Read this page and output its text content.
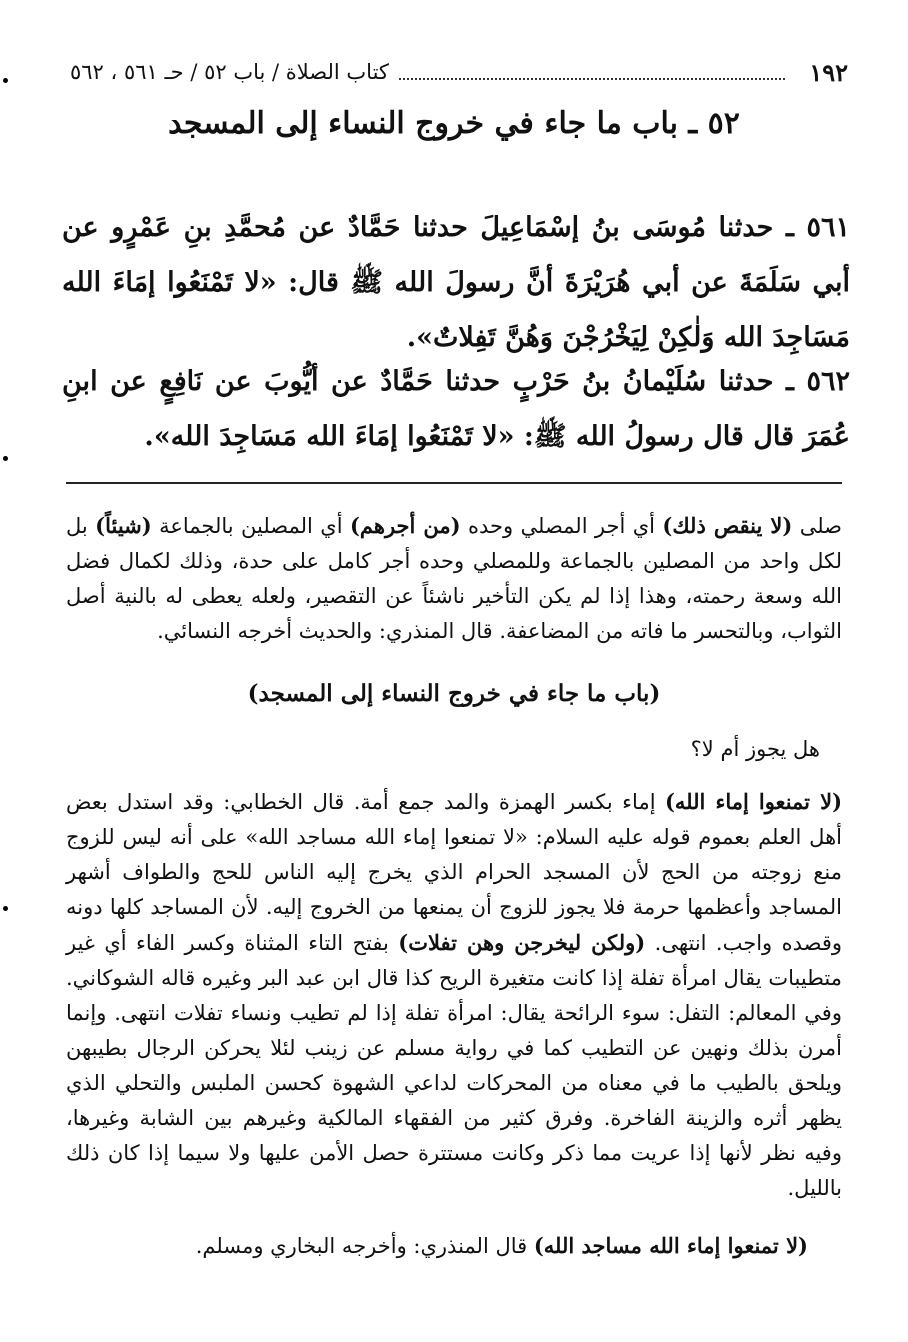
١٩٢
كتاب الصلاة / باب ٥٢ / حـ ٥٦١ ، ٥٦٢
٥٢ ـ باب ما جاء في خروج النساء إلى المسجد
٥٦١ ـ حدثنا مُوسَى بنُ إسْمَاعِيلَ حدثنا حَمَّادٌ عن مُحمَّدِ بنِ عَمْرٍو عن أبي سَلَمَةَ عن أبي هُرَيْرَةَ أنَّ رسولَ الله ﷺ قال: «لا تَمْنَعُوا إمَاءَ الله مَسَاجِدَ الله وَلٰكِنْ لِيَخْرُجْنَ وَهُنَّ تَفِلاتٌ».
٥٦٢ ـ حدثنا سُلَيْمانُ بنُ حَرْبٍ حدثنا حَمَّادٌ عن أيُّوبَ عن نَافِعٍ عن ابنِ عُمَرَ قال قال رسولُ الله ﷺ: «لا تَمْنَعُوا إمَاءَ الله مَسَاجِدَ الله».
صلى (لا ينقص ذلك) أي أجر المصلي وحده (من أجرهم) أي المصلين بالجماعة (شيئاً) بل لكل واحد من المصلين بالجماعة وللمصلي وحده أجر كامل على حدة، وذلك لكمال فضل الله وسعة رحمته، وهذا إذا لم يكن التأخير ناشئاً عن التقصير، ولعله يعطى له بالنية أصل الثواب، وبالتحسر ما فاته من المضاعفة. قال المنذري: والحديث أخرجه النسائي.
(باب ما جاء في خروج النساء إلى المسجد)
هل يجوز أم لا؟
(لا تمنعوا إماء الله) إماء بكسر الهمزة والمد جمع أمة. قال الخطابي: وقد استدل بعض أهل العلم بعموم قوله عليه السلام: «لا تمنعوا إماء الله مساجد الله» على أنه ليس للزوج منع زوجته من الحج لأن المسجد الحرام الذي يخرج إليه الناس للحج والطواف أشهر المساجد وأعظمها حرمة فلا يجوز للزوج أن يمنعها من الخروج إليه. لأن المساجد كلها دونه وقصده واجب. انتهى. (ولكن ليخرجن وهن تفلات) بفتح التاء المثناة وكسر الفاء أي غير متطيبات يقال امرأة تفلة إذا كانت متغيرة الريح كذا قال ابن عبد البر وغيره قاله الشوكاني. وفي المعالم: التفل: سوء الرائحة يقال: امرأة تفلة إذا لم تطيب ونساء تفلات انتهى. وإنما أمرن بذلك ونهين عن التطيب كما في رواية مسلم عن زينب لئلا يحركن الرجال بطيبهن ويلحق بالطيب ما في معناه من المحركات لداعي الشهوة كحسن الملبس والتحلي الذي يظهر أثره والزينة الفاخرة. وفرق كثير من الفقهاء المالكية وغيرهم بين الشابة وغيرها، وفيه نظر لأنها إذا عريت مما ذكر وكانت مستترة حصل الأمن عليها ولا سيما إذا كان ذلك بالليل.
(لا تمنعوا إماء الله مساجد الله) قال المنذري: وأخرجه البخاري ومسلم.
